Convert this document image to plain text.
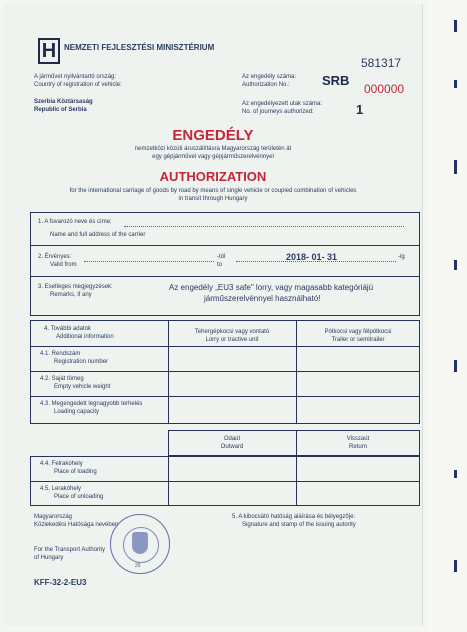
H NEMZETI FEJLESZTÉSI MINISZTÉRIUM
A járművet nyilvántartó ország:
Country of registration of vehicle:
Szerbia Köztársaság
Republic of Serbia
581317
Az engedély száma:
Authorization No.: SRB
000000
Az engedélyezett utak száma:
No. of journeys authorized:	1
ENGEDÉLY
nemzetközi közúti áruszállításra Magyarország területén át
egy gépjárművel vagy gépjárműszerelvénnyel
AUTHORIZATION
for the international carriage of goods by road by means of single vehicle or coupled combination of vehicles
in transit through Hungary
1. A fuvarozó neve és címe:
Name and full address of the carrier
2. Érvényes:
Valid from
-tól
to
2018- 01- 31	-ig
3. Esetleges megjegyzések:
Remarks, if any
Az engedély „EU3 safe" lorry, vagy magasabb kategóriájú
járműszerelvénnyel használható!
4. További adatok
Additional information
Tehergépkocsi vagy vontató
Lorry or tractive unit
Pótkocsi vagy félpótkocsi
Trailer or semitrailer
4.1. Rendszám
Registration number
4.2. Saját tömeg
Empty vehicle weight
4.3. Megengedett legnagyobb terhelés
Loading capacity
Odaút
Outward
Visszaút
Return
4.4. Felrakóhely
Place of loading
4.5. Lerakóhely
Place of unloading
Magyarország
Közlekedési Hatósága nevében
For the Transport Authority
of Hungary
KFF-32-2-EU3
5. A kibocsátó hatóság aláírása és bélyegzője:
Signature and stamp of the issuing autority
25
